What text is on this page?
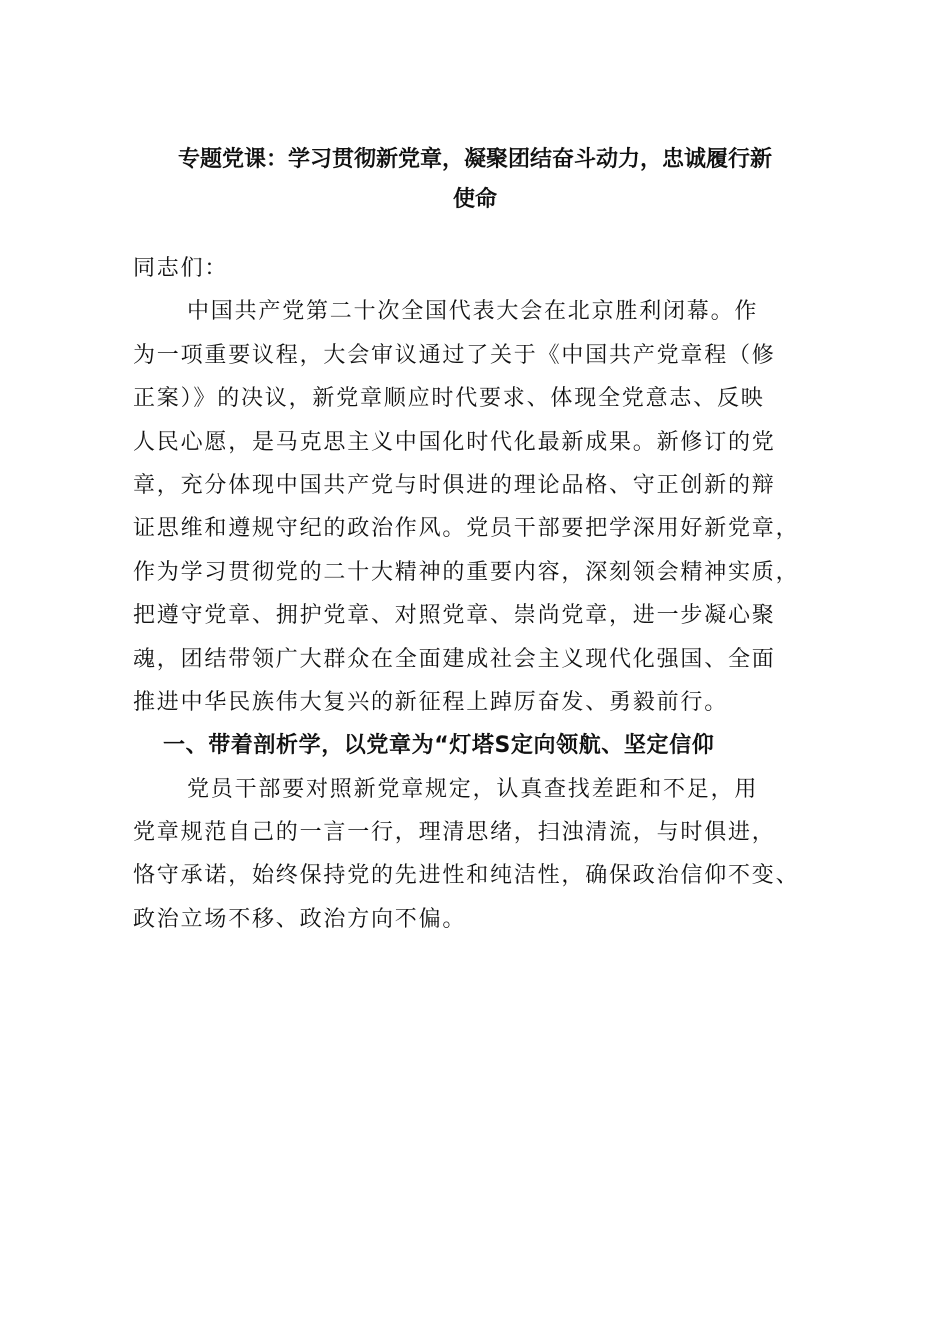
专题党课：学习贯彻新党章，凝聚团结奋斗动力，忠诚履行新
使命
同志们：
中国共产党第二十次全国代表大会在北京胜利闭幕。作
为一项重要议程，大会审议通过了关于《中国共产党章程（修
正案）》的决议，新党章顺应时代要求、体现全党意志、反映
人民心愿，是马克思主义中国化时代化最新成果。新修订的党
章，充分体现中国共产党与时俱进的理论品格、守正创新的辩
证思维和遵规守纪的政治作风。党员干部要把学深用好新党章，
作为学习贯彻党的二十大精神的重要内容，深刻领会精神实质，
把遵守党章、拥护党章、对照党章、崇尚党章，进一步凝心聚
魂，团结带领广大群众在全面建成社会主义现代化强国、全面
推进中华民族伟大复兴的新征程上踔厉奋发、勇毅前行。
一、带着剖析学，以党章为“灯塔S定向领航、坚定信仰
党员干部要对照新党章规定，认真查找差距和不足，用
党章规范自己的一言一行，理清思绪，扫浊清流，与时俱进，
恪守承诺，始终保持党的先进性和纯洁性，确保政治信仰不变、
政治立场不移、政治方向不偏。
